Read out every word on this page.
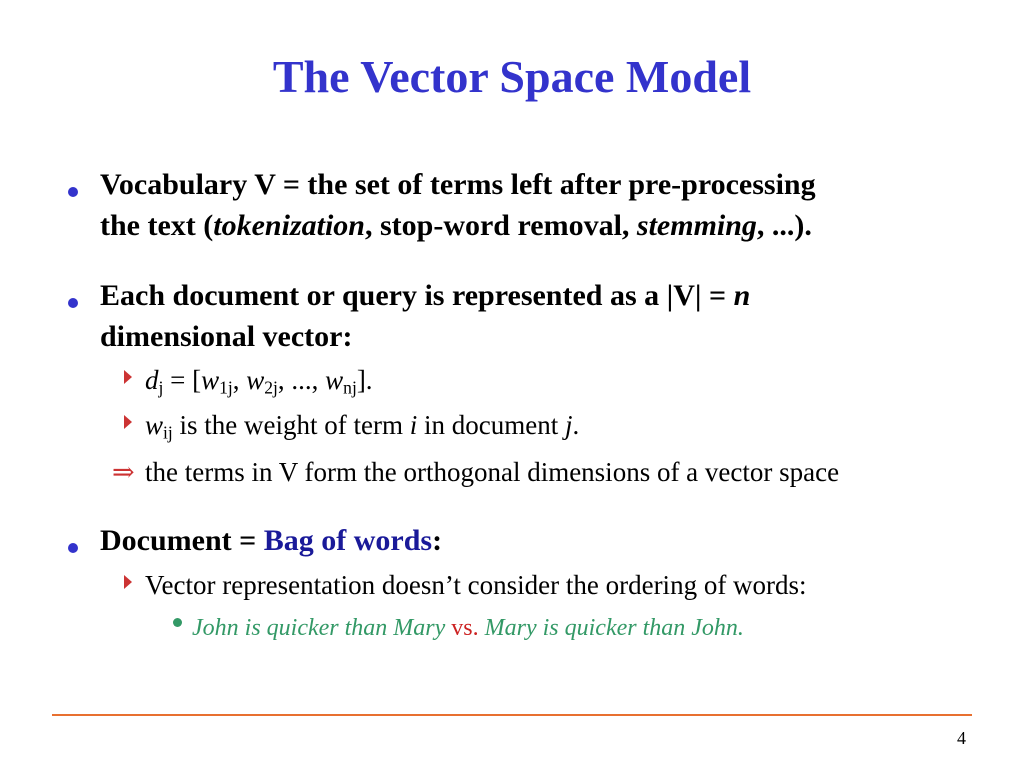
The Vector Space Model
Vocabulary V = the set of terms left after pre-processing
the text (tokenization, stop-word removal, stemming, ...).
Each document or query is represented as a |V| = n
dimensional vector:
$d_j = [w_{1j}$, $w_{2j}$, ..., $w_{nj}$].
$w_{ij}$ is the weight of term i in document j.
⇒ the terms in V form the orthogonal dimensions of a vector space
Document = Bag of words:
Vector representation doesn’t consider the ordering of words:
John is quicker than Mary vs. Mary is quicker than John.
4
